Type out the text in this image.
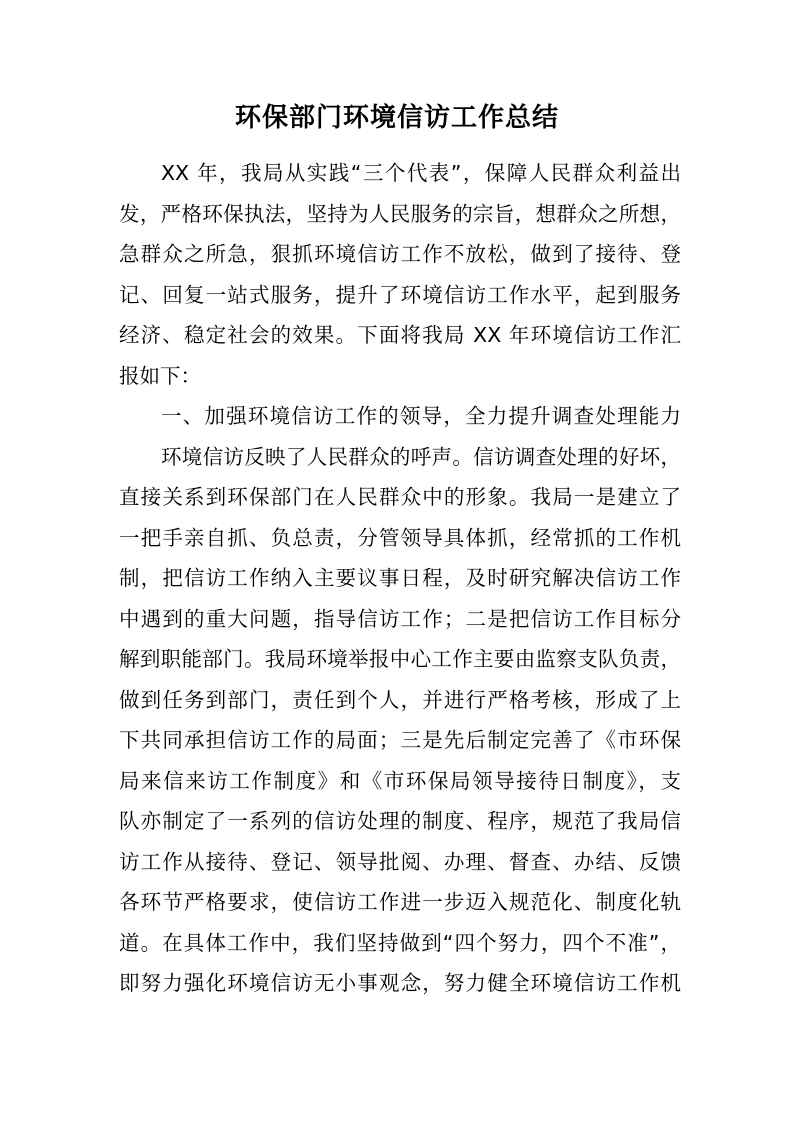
环保部门环境信访工作总结
XX 年，我局从实践“三个代表”，保障人民群众利益出
发，严格环保执法，坚持为人民服务的宗旨，想群众之所想，
急群众之所急，狠抓环境信访工作不放松，做到了接待、登
记、回复一站式服务，提升了环境信访工作水平，起到服务
经济、稳定社会的效果。下面将我局 XX 年环境信访工作汇
报如下：
一、加强环境信访工作的领导，全力提升调查处理能力
环境信访反映了人民群众的呼声。信访调查处理的好坏，
直接关系到环保部门在人民群众中的形象。我局一是建立了
一把手亲自抓、负总责，分管领导具体抓，经常抓的工作机
制，把信访工作纳入主要议事日程，及时研究解决信访工作
中遇到的重大问题，指导信访工作；二是把信访工作目标分
解到职能部门。我局环境举报中心工作主要由监察支队负责，
做到任务到部门，责任到个人，并进行严格考核，形成了上
下共同承担信访工作的局面；三是先后制定完善了《市环保
局来信来访工作制度》和《市环保局领导接待日制度》，支
队亦制定了一系列的信访处理的制度、程序，规范了我局信
访工作从接待、登记、领导批阅、办理、督查、办结、反馈
各环节严格要求，使信访工作进一步迈入规范化、制度化轨
道。在具体工作中，我们坚持做到“四个努力，四个不准”，
即努力强化环境信访无小事观念，努力健全环境信访工作机
